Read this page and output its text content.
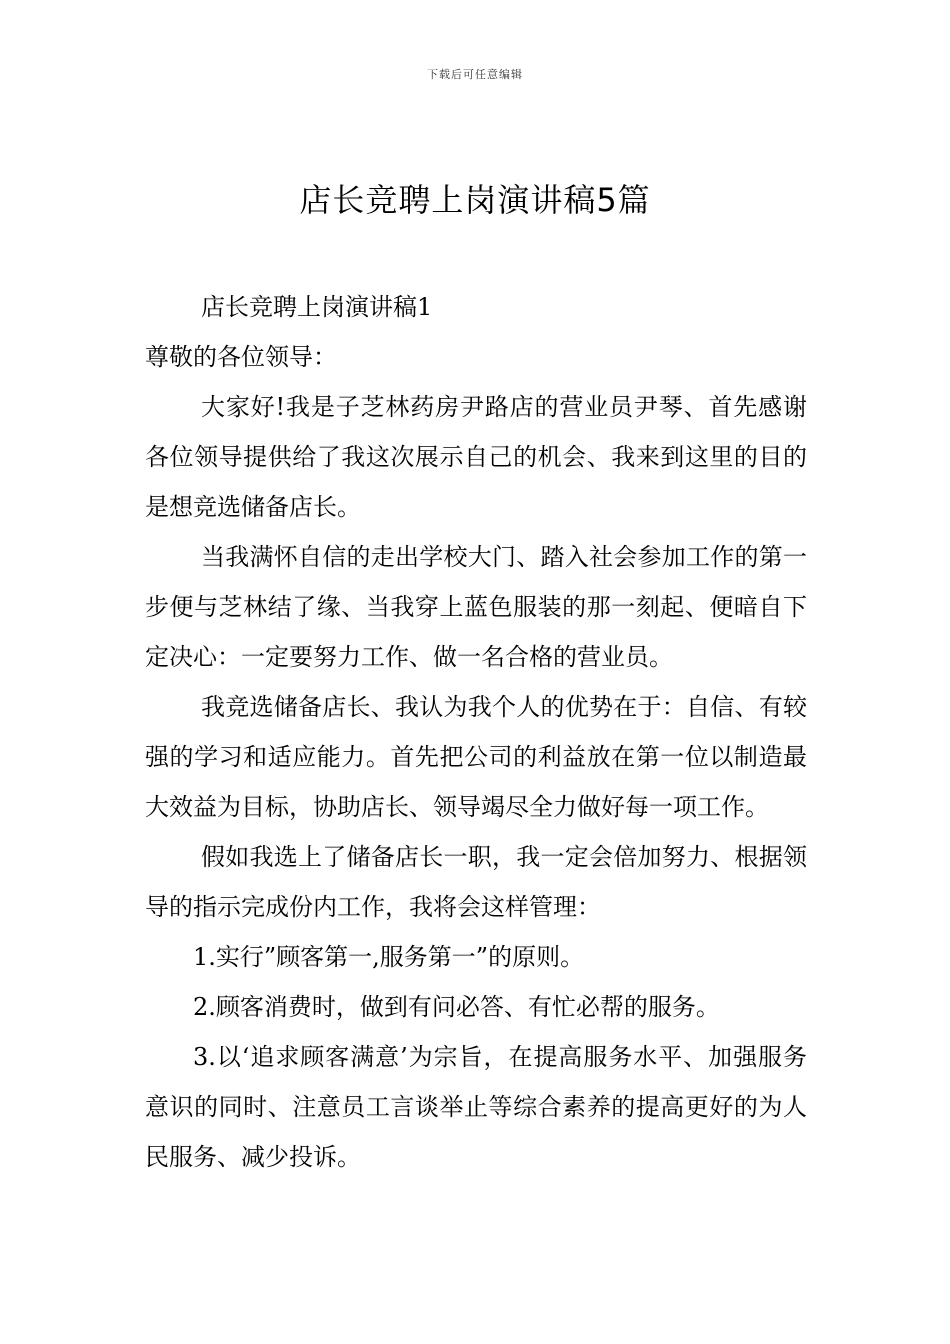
下载后可任意编辑
店长竞聘上岗演讲稿5篇

店长竞聘上岗演讲稿1

尊敬的各位领导：

大家好!我是子芝林药房尹路店的营业员尹琴、首先感谢各位领导提供给了我这次展示自己的机会、我来到这里的目的是想竞选储备店长。

当我满怀自信的走出学校大门、踏入社会参加工作的第一步便与芝林结了缘、当我穿上蓝色服装的那一刻起、便暗自下定决心：一定要努力工作、做一名合格的营业员。

我竞选储备店长、我认为我个人的优势在于：自信、有较强的学习和适应能力。首先把公司的利益放在第一位以制造最大效益为目标，协助店长、领导竭尽全力做好每一项工作。

假如我选上了储备店长一职，我一定会倍加努力、根据领导的指示完成份内工作，我将会这样管理：

1.实行”顾客第一,服务第一”的原则。

2.顾客消费时，做到有问必答、有忙必帮的服务。

3.以‘追求顾客满意’为宗旨，在提高服务水平、加强服务意识的同时、注意员工言谈举止等综合素养的提高更好的为人民服务、减少投诉。
